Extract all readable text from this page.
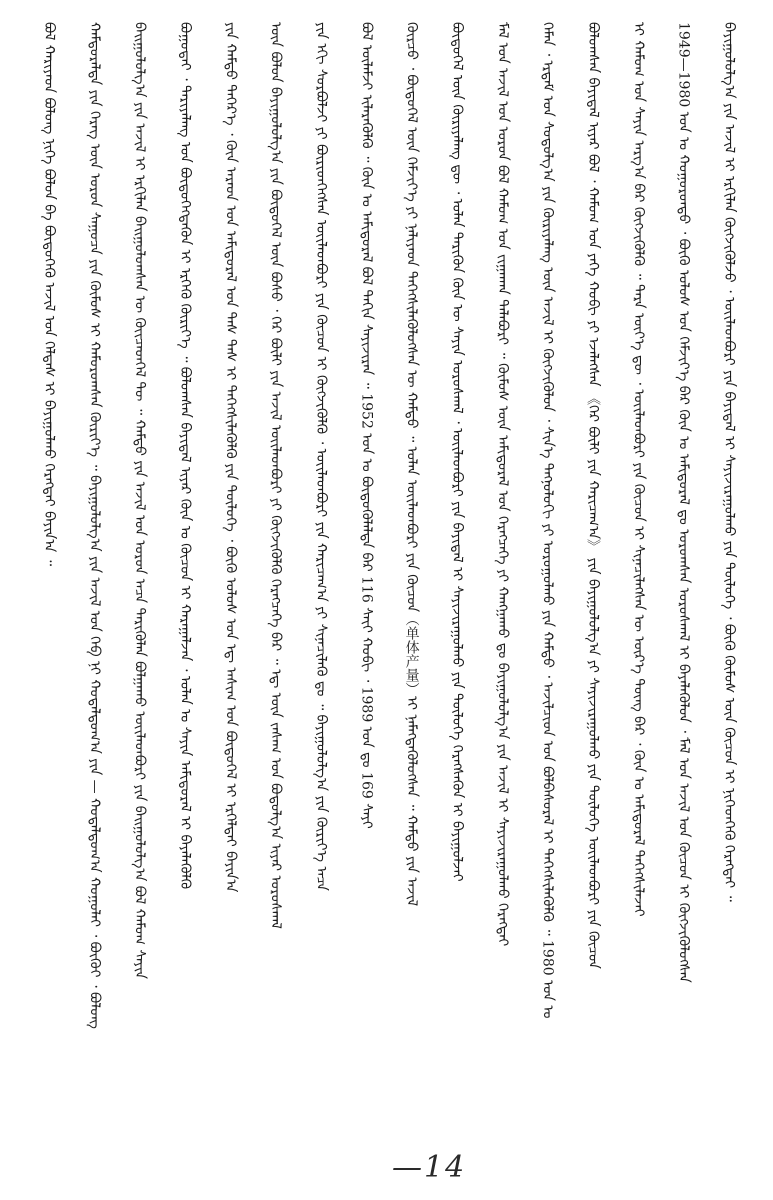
ᠪᠣᠯ ᠬᠠᠷᠢᠶᠠᠳ ᠪᠣᠯᠤᠩ ᠨᠢᠭᠡ ᠪᠣᠯᠣᠨ ᠪᠠ ᠪᠦᠲᠦᠭᠡᠬᠦ ᠠᠵᠢᠯ ᠤᠨ ᠬᠡᠯᠲᠡᠰ ᠢ ᠪᠠᠶᠢᠭᠤᠯᠬᠤ ᠬᠡᠷᠡᠭᠲᠡᠢ ᠪᠠᠶᠢᠨ᠎ᠠ ᠃ ᠬᠠᠮᠲᠤᠷᠠᠯᠲᠠ ᠶᠢᠨ ᠭᠡᠷᠡᠭ ᠦᠨ ᠣᠷᠤᠨ ᠰᠠᠭᠤᠴᠠ ᠶᠢᠨ ᠬᠦᠮᠦᠰ ᠢ ᠬᠠᠮᠤᠷᠤᠭᠰᠠᠨ ᠬᠦᠷᠢᠶ᠎ᠡ ᠃ ᠪᠠᠶᠢᠭᠤᠯᠤᠯᠭ᠎ᠠ ᠶᠢᠨ ᠠᠵᠢᠯ ᠤᠨ ᠬᠡᠪ ᠨᠢ ᠬᠤᠳᠠᠯᠳᠤᠭ᠎ᠠ ᠶᠢᠨ — ᠬᠤᠳᠠᠯᠳᠤᠭ᠎ᠠ ᠬᠤᠭᠤᠯᠠᠢ ᠂ ᠪᠦᠬᠦᠢ ᠂ ᠪᠣᠯᠤᠩ ᠪᠠᠢᠭᠤᠯᠤᠯᠭ᠎ᠠ ᠶᠢᠨ ᠠᠵᠢᠯ ᠢ ᠡᠷᠬᠢᠯᠡᠨ ᠪᠠᠢᠭᠤᠯᠤᠭᠰᠠᠨ ᠦ ᠬᠦᠢᠴᠡᠳᠬᠡᠯ ᠲᠦ ᠃ ᠬᠠᠮᠲᠤ ᠶᠢᠨ ᠠᠵᠢᠯ ᠤᠨ ᠣᠷᠤᠨ ᠠᠴᠠ ᠲᠡᠷᠢᠭᠦᠯᠡᠨ ᠪᠣᠯᠭᠠᠬᠤ ᠦᠢᠯᠡᠳᠪᠦᠷᠢ ᠶᠢᠨ ᠪᠠᠢᠭᠤᠯᠤᠯᠭ᠎ᠠ ᠪᠣᠯ ᠬᠠᠮᠤᠭ ᠰᠠᠶᠢᠨ ᠪᠤᠭᠤᠳᠠᠶ ᠂ ᠲᠠᠷᠢᠶᠠᠯᠠᠩ ᠤᠨ ᠪᠦᠲᠦᠭᠡᠭᠳᠡᠬᠦᠨ ᠢ ᠡᠷᠭᠡᠬᠦ ᠬᠦᠷᠢᠶ᠎ᠡ ᠃ ᠪᠣᠯᠤᠭᠰᠠᠨ ᠪᠠᠶᠢᠳᠠᠯ ᠢᠶᠠᠷ ᠬᠦᠨ ᠤ ᠬᠦᠴᠦᠨ ᠢ ᠬᠠᠷᠠᠭᠠᠯᠵᠠᠨ ᠂ ᠣᠯᠠᠨ ᠤ ᠰᠠᠶᠢᠨ ᠠᠮᠢᠳᠤᠷᠠᠯ ᠢ ᠪᠡᠶᠡᠯᠡᠭᠦᠯᠬᠦ ᠶᠢᠨ ᠬᠠᠮᠲᠤ ᠳᠡᠭᠡᠷ᠎ᠡ ᠂ ᠬᠦᠨ ᠠᠷᠠᠳ ᠤᠨ ᠠᠮᠢᠳᠤᠷᠠᠯ ᠤᠨ ᠳᠡᠰ ᠳᠡᠰ ᠢ ᠳᠡᠭᠡᠭᠰᠢᠯᠡᠭᠦᠯᠬᠦ ᠶᠢᠨ ᠲᠥᠯᠥᠭᠡ ᠂ ᠪᠦᠬᠦ ᠤᠯᠤᠰ ᠤᠨ ᠡᠳ᠋ ᠠᠰᠢᠭ ᠤᠨ ᠪᠦᠲᠦᠭᠡᠯ ᠢ ᠡᠷᠭᠡᠯᠲᠡᠢ ᠪᠠᠶᠢᠨ᠎ᠠ ᠦᠨ ᠪᠣᠯᠤᠨ ᠪᠠᠶᠢᠭᠤᠯᠤᠯᠭ᠎ᠠ ᠶᠢᠨ ᠪᠦᠲᠦᠭᠡᠯ ᠦᠨ ᠪᠤᠰᠤ ᠂ ᠭᠡᠷ ᠪᠦᠯᠢ ᠶᠢᠨ ᠠᠵᠢᠯ ᠦᠢᠯᠡᠳᠪᠦᠷᠢ ᠶᠢ ᠬᠦᠭᠵᠢᠭᠦᠯᠬᠦ ᠬᠡᠷᠡᠭᠴᠡᠭᠡ ᠪᠡᠷ ᠃ ᠡᠳ᠋ ᠦᠨ ᠵᠠᠰᠠᠭ ᠤᠨ ᠪᠣᠳᠣᠯᠭ᠎ᠠ ᠢᠶᠠᠷ ᠤᠷᠤᠰᠬᠠᠯ ᠶᠢᠨ ᠡᠬᠢ ᠰᠤᠷᠪᠤᠯᠵᠢ ᠶᠢ ᠪᠦᠷᠢᠳᠬᠡᠭᠰᠡᠨ ᠦᠢᠯᠡᠳᠪᠦᠷᠢ ᠶᠢᠨ ᠬᠦᠴᠦᠨ ᠢ ᠬᠥᠭᠵᠢᠭᠦᠯᠬᠦ ᠂ ᠦᠢᠯᠡᠳᠪᠦᠷᠢ ᠶᠢᠨ ᠬᠠᠷᠢᠴᠠᠭ᠎ᠠ ᠶᠢ ᠰᠢᠨᠡᠴᠢᠯᠡᠬᠦ ᠳᠤ ᠃ ᠪᠠᠶᠢᠭᠤᠯᠤᠯᠭ᠎ᠠ ᠶᠢᠨ ᠬᠦᠷᠢᠶ᠎ᠡ ᠠᠴᠠ ᠪᠣᠯ ᠦᠯᠡᠮᠵᠢ ᠢᠯᠡᠷᠡᠭᠦᠯᠬᠦ ᠃ ᠬᠦᠨ ᠤ ᠠᠮᠢᠳᠤᠷᠠᠯ ᠪᠣᠯ ᠳᠠᠬᠢᠨ ᠰᠠᠶᠢᠵᠢᠷᠠᠨ ᠃ 1952 ᠣᠨ ᠤ ᠪᠦᠳᠦᠭᠦᠯᠡᠯᠲᠡ ᠪᠠᠷ 116 ᠰᠠᠶ᠋ᠢ ᠬᠤᠪᠢ ᠂ 1989 ᠣᠨ ᠳᠤ 169 ᠰᠠᠶᠢ ᠬᠦᠷᠴᠦ ᠂ ᠪᠦᠲᠦᠭᠡᠯ ᠦᠨ ᠬᠡᠮᠵᠢᠶ᠎ᠡ ᠶᠢ ᠨᠡᠯᠢᠶᠡᠳ ᠳᠡᠭᠡᠭᠰᠢᠯᠡᠭᠦᠯᠦᠭᠰᠡᠨ ᠦ ᠬᠠᠮᠲᠤ ᠃ ᠣᠯᠠᠨ ᠦᠢᠯᠡᠳᠪᠦᠷᠢ ᠶᠢᠨ ᠬᠦᠴᠦᠨ（单体产量）ᠢ ᠨᠡᠮᠡᠭᠳᠡᠭᠦᠯᠦᠭᠰᠡᠨ ᠃ ᠬᠠᠮᠲᠤ ᠶᠢᠨ ᠠᠵᠢᠯ ᠪᠦᠲᠦᠭᠡᠯ ᠦᠨ ᠬᠦᠷᠢᠶᠡᠯᠡᠩ ᠳᠦ ᠂ ᠣᠯᠠᠨ ᠲᠡᠷᠢᠭᠦᠨ ᠬᠦᠨ ᠦ ᠰᠠᠶᠢᠨ ᠤᠷᠤᠰᠬᠠᠯ ᠂ ᠦᠢᠯᠡᠳᠪᠦᠷᠢ ᠶᠢᠨ ᠪᠠᠶᠢᠳᠠᠯ ᠢ ᠰᠠᠶᠢᠵᠢᠷᠠᠭᠤᠯᠬᠤ ᠶᠢᠨ ᠲᠥᠯᠥᠭᠡ ᠬᠡᠷᠡᠭᠰᠡᠬᠦᠨ ᠢ ᠪᠠᠶᠢᠭᠤᠯᠵᠠᠢ ᠮᠠᠯ ᠤᠨ ᠠᠵᠢᠯ ᠤᠨ ᠣᠷᠣᠨ ᠪᠣᠯ ᠬᠠᠮᠤᠭ ᠤᠨ ᠵᠢᠭᠠᠬᠠᠨ ᠲᠠᠯᠠᠪᠤᠷᠢ ᠃ ᠬᠦᠮᠦᠰ ᠦᠨ ᠠᠮᠢᠳᠤᠷᠠᠯ ᠤᠨ ᠬᠡᠷᠡᠭᠴᠡᠭᠡ ᠶᠢ ᠬᠠᠩᠭᠠᠬᠤ ᠳᠤ ᠪᠠᠶᠢᠭᠤᠯᠤᠯᠭ᠎ᠠ ᠶᠢᠨ ᠠᠵᠢᠯ ᠢ ᠰᠠᠶᠢᠵᠢᠷᠠᠭᠤᠯᠬᠤ ᠬᠡᠷᠡᠭᠲᠡᠢ ᠬᠡᠮᠡᠨ ᠂ ᠡᠷᠳᠡᠮ ᠤᠨ ᠰᠤᠳᠤᠯᠭ᠎ᠠ ᠶᠢᠨ ᠬᠦᠷᠢᠶᠡᠯᠡᠩ ᠦᠨ ᠠᠵᠢᠯ ᠢ ᠬᠥᠭᠵᠢᠭᠦᠯᠦᠨ ᠂ ᠰᠢᠨ᠎ᠡ ᠲᠡᠬᠨᠣᠯᠣᠭᠢ ᠶᠢ ᠣᠷᠣᠭᠤᠯᠬᠤ ᠶᠢᠨ ᠬᠠᠮᠲᠤ ᠂ ᠠᠵᠢᠯᠴᠢᠳ ᠤᠨ ᠪᠣᠯᠪᠠᠰᠤᠷᠠᠯ ᠢ ᠳᠡᠭᠡᠭᠰᠢᠯᠡᠭᠦᠯᠬᠦ ᠃ 1980 ᠣᠨ ᠤ ᠪᠣᠯᠤᠭᠰᠠᠨ ᠪᠠᠶᠢᠳᠠᠯ ᠢᠶᠠᠷ ᠪᠣᠯ ᠂ ᠬᠠᠮᠤᠭ ᠤᠨ ᠶᠡᠬᠡ ᠬᠤᠪᠢ ᠶᠢ ᠡᠵᠡᠯᠡᠭᠰᠡᠨ 《ᠭᠡᠷ ᠪᠦᠯᠢ ᠶᠢᠨ ᠬᠠᠷᠢᠴᠠᠭ᠎ᠠ》 ᠶᠢᠨ ᠪᠠᠶᠢᠭᠤᠯᠤᠯᠭ᠎ᠠ ᠶᠢ ᠰᠠᠶᠢᠵᠢᠷᠠᠭᠤᠯᠬᠤ ᠶᠢᠨ ᠲᠥᠯᠥᠭᠡ ᠦᠢᠯᠡᠳᠪᠦᠷᠢ ᠶᠢᠨ ᠬᠦᠴᠦᠨ ᠢ ᠬᠠᠮᠤᠭ ᠤᠨ ᠰᠠᠶᠢᠨ ᠠᠷᠭ᠎ᠠ ᠪᠠᠷ ᠬᠥᠭᠵᠢᠭᠦᠯᠬᠦ ᠃ ᠲᠡᠷᠡ ᠦᠶ᠎ᠡ ᠳᠦ ᠂ ᠦᠢᠯᠡᠳᠪᠦᠷᠢ ᠶᠢᠨ ᠬᠦᠴᠦᠨ ᠢ ᠰᠢᠨᠡᠴᠢᠯᠡᠭᠰᠡᠨ ᠦ ᠦᠷ᠎ᠡ ᠳᠦᠩ ᠪᠠᠷ ᠂ ᠬᠦᠨ ᠤ ᠠᠮᠢᠳᠤᠷᠠᠯ ᠳᠡᠭᠡᠭᠰᠢᠯᠡᠵᠡᠢ 1949—1980 ᠣᠨ ᠤ ᠬᠤᠭᠤᠷᠤᠨᠳᠤ ᠂ ᠪᠦᠬᠦ ᠤᠯᠤᠰ ᠤᠨ ᠬᠡᠮᠵᠢᠶ᠎ᠡ ᠪᠡᠷ ᠬᠦᠨ ᠤ ᠠᠮᠢᠳᠤᠷᠠᠯ ᠳᠤ ᠣᠷᠣᠭᠰᠠᠨ ᠤᠷᠤᠰᠬᠠᠯ ᠢ ᠪᠡᠶᠡᠯᠡᠭᠦᠯᠦᠨ ᠂ ᠮᠠᠯ ᠤᠨ ᠠᠵᠢᠯ ᠤᠨ ᠬᠦᠴᠦᠨ ᠢ ᠬᠥᠭᠵᠢᠭᠦᠯᠦᠭᠰᠡᠨ ᠪᠠᠶᠢᠭᠤᠯᠤᠯᠭ᠎ᠠ ᠶᠢᠨ ᠠᠵᠢᠯ ᠢ ᠡᠷᠬᠢᠯᠡᠨ ᠬᠥᠭᠵᠢᠭᠦᠯᠵᠦ ᠂ ᠦᠢᠯᠡᠳᠪᠦᠷᠢ ᠶᠢᠨ ᠪᠠᠶᠢᠳᠠᠯ ᠢ ᠰᠠᠶᠢᠵᠢᠷᠠᠭᠤᠯᠬᠤ ᠶᠢᠨ ᠲᠥᠯᠥᠭᠡ ᠂ ᠪᠦᠬᠦ ᠬᠦᠮᠦᠰ ᠦᠨ ᠬᠦᠴᠦᠨ ᠢ ᠨᠢᠭᠡᠳᠬᠡᠬᠦ ᠬᠡᠷᠡᠭᠲᠡᠢ ᠃
—14
